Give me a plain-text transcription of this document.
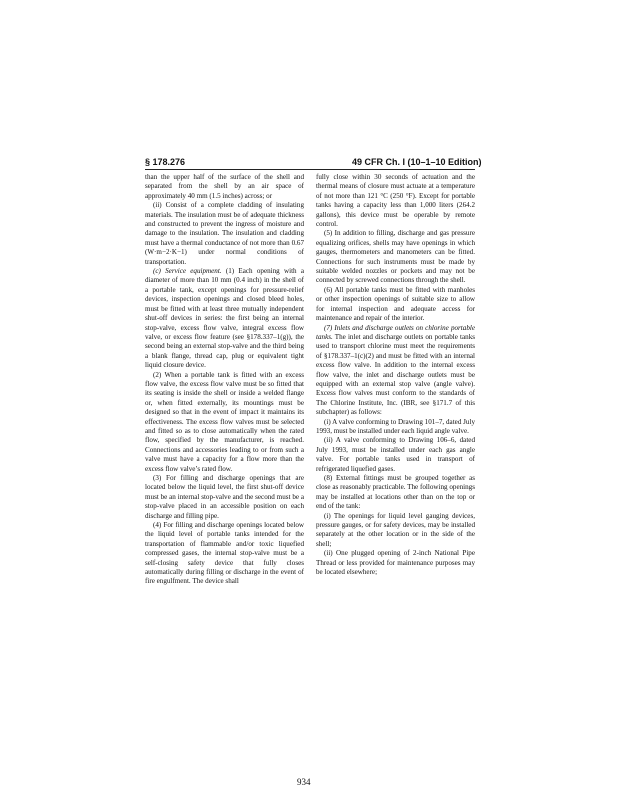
§ 178.276	49 CFR Ch. I (10–1–10 Edition)

than the upper half of the surface of the shell and separated from the shell by an air space of approximately 40 mm (1.5 inches) across; or

(ii) Consist of a complete cladding of insulating materials. The insulation must be of adequate thickness and constructed to prevent the ingress of moisture and damage to the insulation. The insulation and cladding must have a thermal conductance of not more than 0.67 (W·m−2·K−1) under normal conditions of transportation.

(c) Service equipment. (1) Each opening with a diameter of more than 10 mm (0.4 inch) in the shell of a portable tank, except openings for pressure-relief devices, inspection openings and closed bleed holes, must be fitted with at least three mutually independent shut-off devices in series: the first being an internal stop-valve, excess flow valve, integral excess flow valve, or excess flow feature (see §178.337–1(g)), the second being an external stop-valve and the third being a blank flange, thread cap, plug or equivalent tight liquid closure device.

(2) When a portable tank is fitted with an excess flow valve, the excess flow valve must be so fitted that its seating is inside the shell or inside a welded flange or, when fitted externally, its mountings must be designed so that in the event of impact it maintains its effectiveness. The excess flow valves must be selected and fitted so as to close automatically when the rated flow, specified by the manufacturer, is reached. Connections and accessories leading to or from such a valve must have a capacity for a flow more than the excess flow valve’s rated flow.

(3) For filling and discharge openings that are located below the liquid level, the first shut-off device must be an internal stop-valve and the second must be a stop-valve placed in an accessible position on each discharge and filling pipe.

(4) For filling and discharge openings located below the liquid level of portable tanks intended for the transportation of flammable and/or toxic liquefied compressed gases, the internal stop-valve must be a self-closing safety device that fully closes automatically during filling or discharge in the event of fire engulfment. The device shall

fully close within 30 seconds of actuation and the thermal means of closure must actuate at a temperature of not more than 121 °C (250 °F). Except for portable tanks having a capacity less than 1,000 liters (264.2 gallons), this device must be operable by remote control.

(5) In addition to filling, discharge and gas pressure equalizing orifices, shells may have openings in which gauges, thermometers and manometers can be fitted. Connections for such instruments must be made by suitable welded nozzles or pockets and may not be connected by screwed connections through the shell.

(6) All portable tanks must be fitted with manholes or other inspection openings of suitable size to allow for internal inspection and adequate access for maintenance and repair of the interior.

(7) Inlets and discharge outlets on chlorine portable tanks. The inlet and discharge outlets on portable tanks used to transport chlorine must meet the requirements of §178.337–1(c)(2) and must be fitted with an internal excess flow valve. In addition to the internal excess flow valve, the inlet and discharge outlets must be equipped with an external stop valve (angle valve). Excess flow valves must conform to the standards of The Chlorine Institute, Inc. (IBR, see §171.7 of this subchapter) as follows:

(i) A valve conforming to Drawing 101–7, dated July 1993, must be installed under each liquid angle valve.

(ii) A valve conforming to Drawing 106–6, dated July 1993, must be installed under each gas angle valve. For portable tanks used in transport of refrigerated liquefied gases.

(8) External fittings must be grouped together as close as reasonably practicable. The following openings may be installed at locations other than on the top or end of the tank:

(i) The openings for liquid level gauging devices, pressure gauges, or for safety devices, may be installed separately at the other location or in the side of the shell;

(ii) One plugged opening of 2-inch National Pipe Thread or less provided for maintenance purposes may be located elsewhere;

934
